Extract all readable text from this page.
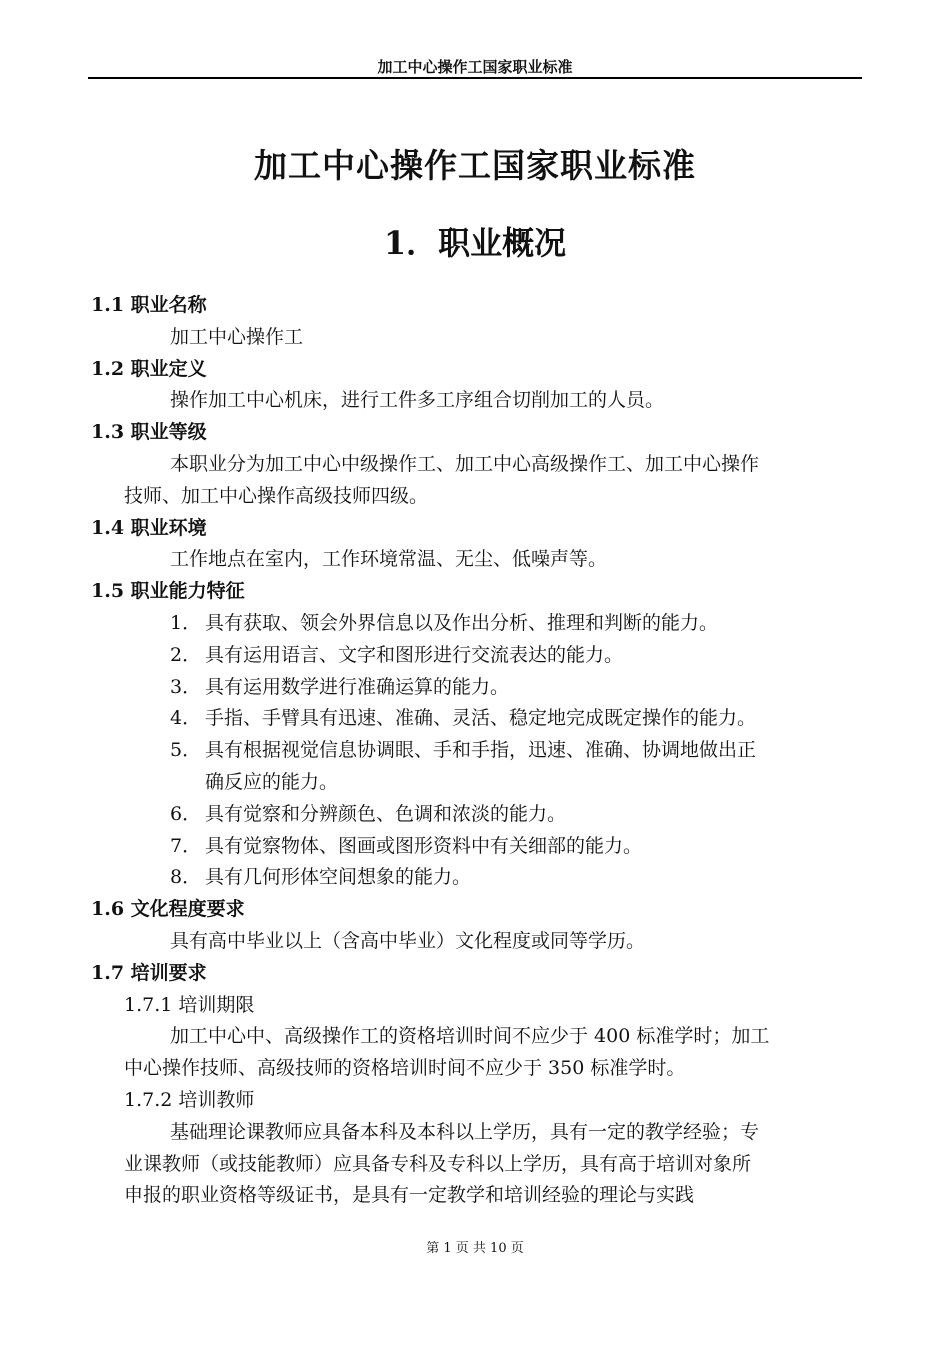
加工中心操作工国家职业标准
加工中心操作工国家职业标准
1．职业概况
1.1 职业名称
加工中心操作工
1.2 职业定义
操作加工中心机床，进行工件多工序组合切削加工的人员。
1.3 职业等级
本职业分为加工中心中级操作工、加工中心高级操作工、加工中心操作
技师、加工中心操作高级技师四级。
1.4 职业环境
工作地点在室内，工作环境常温、无尘、低噪声等。
1.5 职业能力特征
1． 具有获取、领会外界信息以及作出分析、推理和判断的能力。
2． 具有运用语言、文字和图形进行交流表达的能力。
3． 具有运用数学进行准确运算的能力。
4． 手指、手臂具有迅速、准确、灵活、稳定地完成既定操作的能力。
5． 具有根据视觉信息协调眼、手和手指，迅速、准确、协调地做出正
确反应的能力。
6． 具有觉察和分辨颜色、色调和浓淡的能力。
7． 具有觉察物体、图画或图形资料中有关细部的能力。
8． 具有几何形体空间想象的能力。
1.6 文化程度要求
具有高中毕业以上（含高中毕业）文化程度或同等学历。
1.7 培训要求
1.7.1 培训期限
加工中心中、高级操作工的资格培训时间不应少于 400 标准学时；加工
中心操作技师、高级技师的资格培训时间不应少于 350 标准学时。
1.7.2 培训教师
基础理论课教师应具备本科及本科以上学历，具有一定的教学经验；专
业课教师（或技能教师）应具备专科及专科以上学历，具有高于培训对象所
申报的职业资格等级证书，是具有一定教学和培训经验的理论与实践
第 1 页 共 10 页
